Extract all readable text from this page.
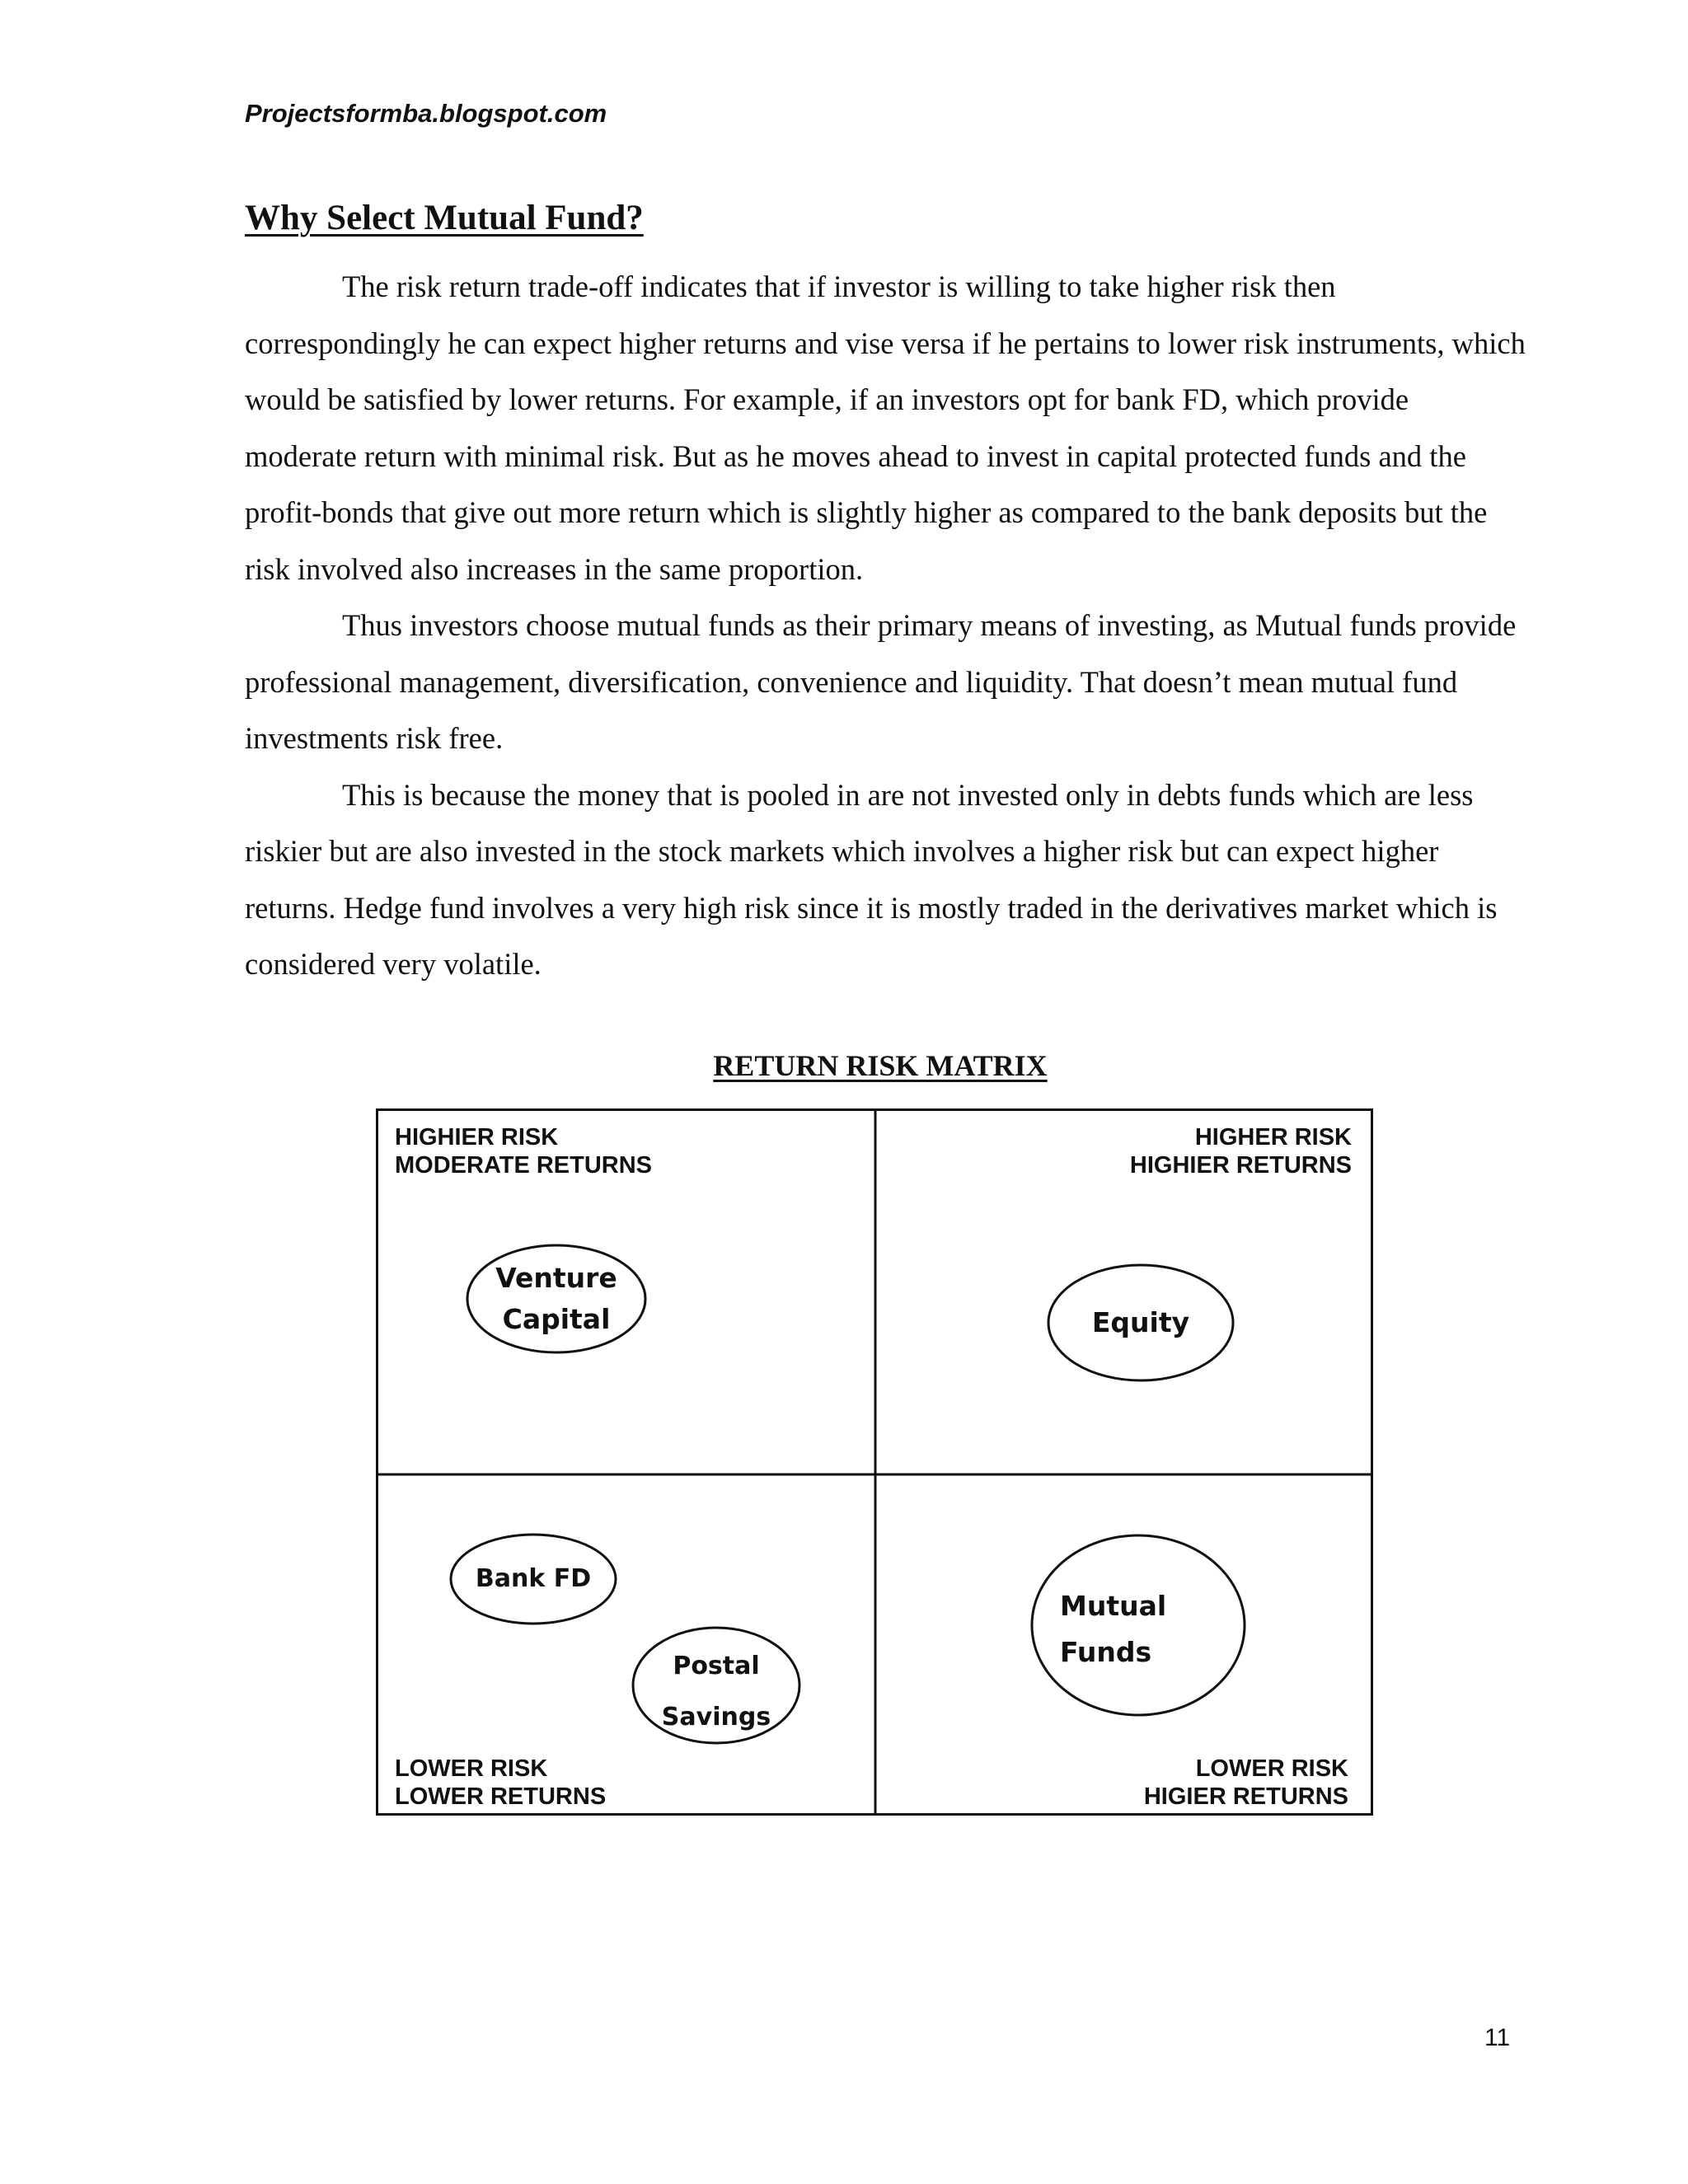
Projectsformba.blogspot.com
Why Select Mutual Fund?

The risk return trade-off indicates that if investor is willing to take higher risk then correspondingly he can expect higher returns and vise versa if he pertains to lower risk instruments, which would be satisfied by lower returns. For example, if an investors opt for bank FD, which provide moderate return with minimal risk. But as he moves ahead to invest in capital protected funds and the profit-bonds that give out more return which is slightly higher as compared to the bank deposits but the risk involved also increases in the same proportion.

Thus investors choose mutual funds as their primary means of investing, as Mutual funds provide professional management, diversification, convenience and liquidity. That doesn’t mean mutual fund investments risk free.

This is because the money that is pooled in are not invested only in debts funds which are less riskier but are also invested in the stock markets which involves a higher risk but can expect higher returns. Hedge fund involves a very high risk since it is mostly traded in the derivatives market which is considered very volatile.

RETURN RISK MATRIX
HIGHIER RISK
MODERATE RETURNS
HIGHER RISK
HIGHIER RETURNS
LOWER RISK
LOWER RETURNS
LOWER RISK
HIGIER RETURNS
Venture
Capital	Equity
Bank FD
Postal
Savings
Mutual
Funds
11
